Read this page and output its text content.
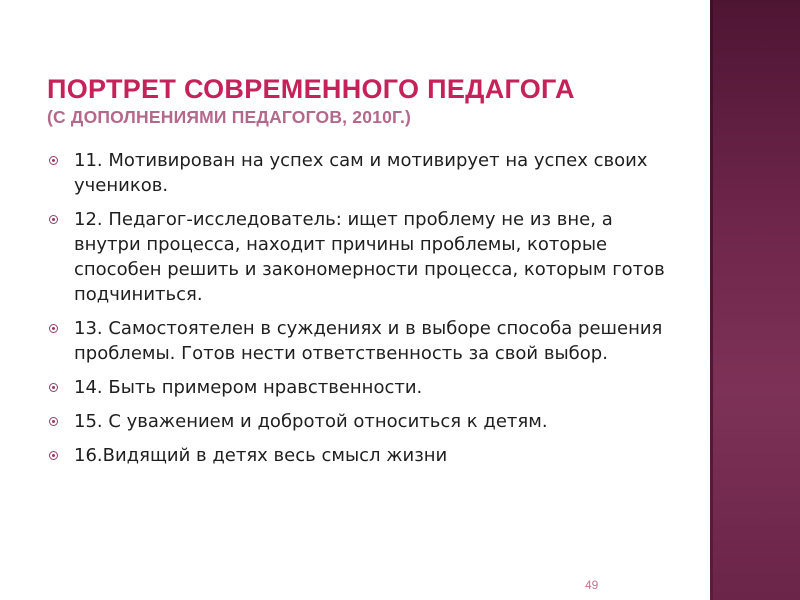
ПОРТРЕТ СОВРЕМЕННОГО ПЕДАГОГА
(С ДОПОЛНЕНИЯМИ ПЕДАГОГОВ, 2010Г.)
11. Мотивирован на успех сам и мотивирует на успех своих учеников.
12. Педагог-исследователь: ищет проблему не из вне, а внутри процесса, находит причины проблемы, которые способен решить и закономерности процесса, которым готов подчиниться.
13. Самостоятелен в суждениях и в выборе способа решения проблемы. Готов нести ответственность за свой выбор.
14. Быть примером нравственности.
15. С уважением и добротой относиться к детям.
16.Видящий в детях весь смысл жизни
49
